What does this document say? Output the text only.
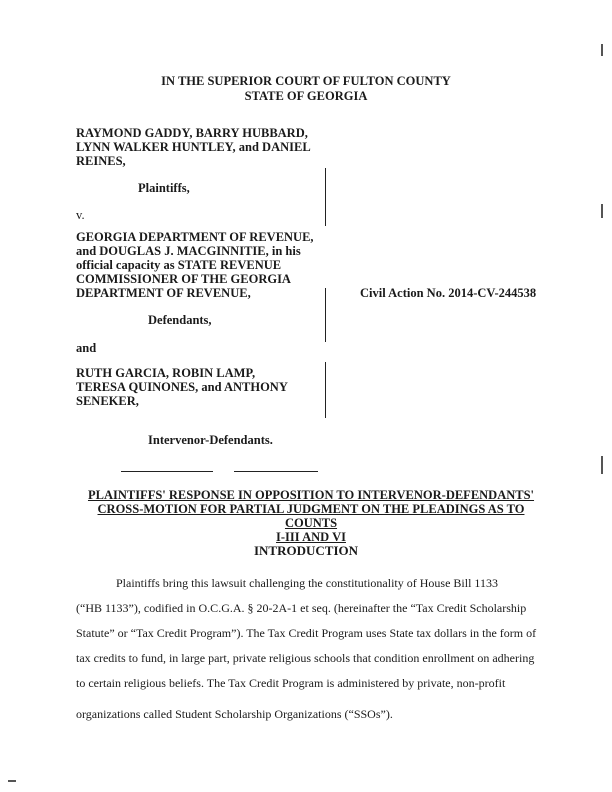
IN THE SUPERIOR COURT OF FULTON COUNTY
STATE OF GEORGIA
RAYMOND GADDY, BARRY HUBBARD,
LYNN WALKER HUNTLEY, and DANIEL
REINES,
Plaintiffs,
v.
GEORGIA DEPARTMENT OF REVENUE,
and DOUGLAS J. MACGINNITIE, in his
official capacity as STATE REVENUE
COMMISSIONER OF THE GEORGIA
DEPARTMENT OF REVENUE,
Defendants,
and
RUTH GARCIA, ROBIN LAMP,
TERESA QUINONES, and ANTHONY
SENEKER,
Intervenor-Defendants.
Civil Action No. 2014-CV-244538
PLAINTIFFS' RESPONSE IN OPPOSITION TO INTERVENOR-DEFENDANTS'
CROSS-MOTION FOR PARTIAL JUDGMENT ON THE PLEADINGS AS TO COUNTS
I-III AND VI
INTRODUCTION
Plaintiffs bring this lawsuit challenging the constitutionality of House Bill 1133
(“HB 1133”), codified in O.C.G.A. § 20-2A-1 et seq. (hereinafter the “Tax Credit Scholarship
Statute” or “Tax Credit Program”). The Tax Credit Program uses State tax dollars in the form of
tax credits to fund, in large part, private religious schools that condition enrollment on adhering
to certain religious beliefs. The Tax Credit Program is administered by private, non-profit
organizations called Student Scholarship Organizations (“SSOs”).
